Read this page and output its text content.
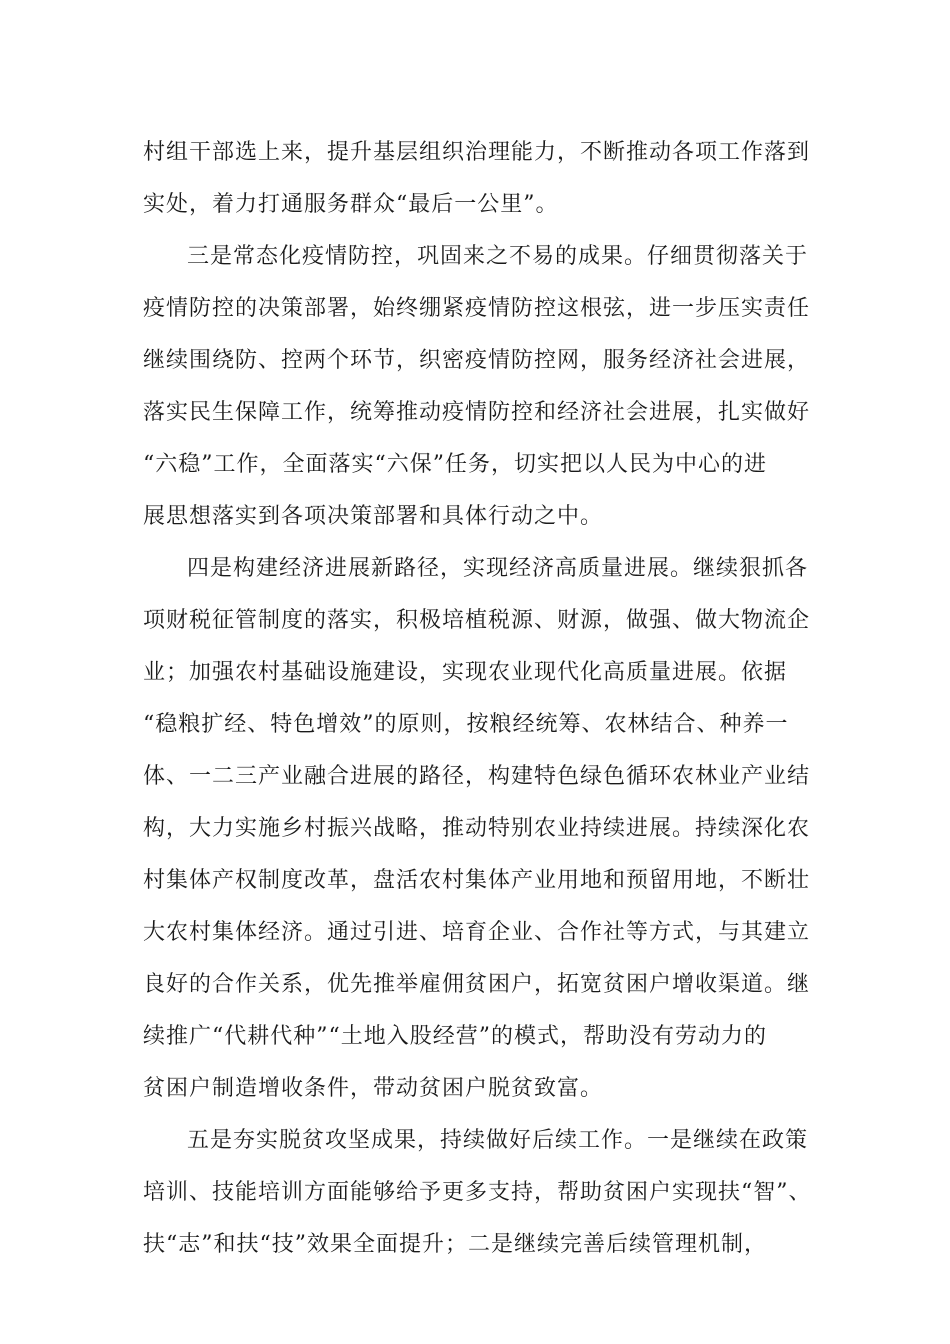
村组干部选上来，提升基层组织治理能力，不断推动各项工作落到

实处，着力打通服务群众“最后一公里”。

三是常态化疫情防控，巩固来之不易的成果。仔细贯彻落关于

疫情防控的决策部署，始终绷紧疫情防控这根弦，进一步压实责任

继续围绕防、控两个环节，织密疫情防控网，服务经济社会进展，

落实民生保障工作，统筹推动疫情防控和经济社会进展，扎实做好

“六稳”工作，全面落实“六保”任务，切实把以人民为中心的进

展思想落实到各项决策部署和具体行动之中。

四是构建经济进展新路径，实现经济高质量进展。继续狠抓各

项财税征管制度的落实，积极培植税源、财源，做强、做大物流企

业；加强农村基础设施建设，实现农业现代化高质量进展。依据

“稳粮扩经、特色增效”的原则，按粮经统筹、农林结合、种养一

体、一二三产业融合进展的路径，构建特色绿色循环农林业产业结

构，大力实施乡村振兴战略，推动特别农业持续进展。持续深化农

村集体产权制度改革，盘活农村集体产业用地和预留用地，不断壮

大农村集体经济。通过引进、培育企业、合作社等方式，与其建立

良好的合作关系，优先推举雇佣贫困户，拓宽贫困户增收渠道。继

续推广“代耕代种”“土地入股经营”的模式，帮助没有劳动力的

贫困户制造增收条件，带动贫困户脱贫致富。

五是夯实脱贫攻坚成果，持续做好后续工作。一是继续在政策

培训、技能培训方面能够给予更多支持，帮助贫困户实现扶“智”、

扶“志”和扶“技”效果全面提升；二是继续完善后续管理机制，
